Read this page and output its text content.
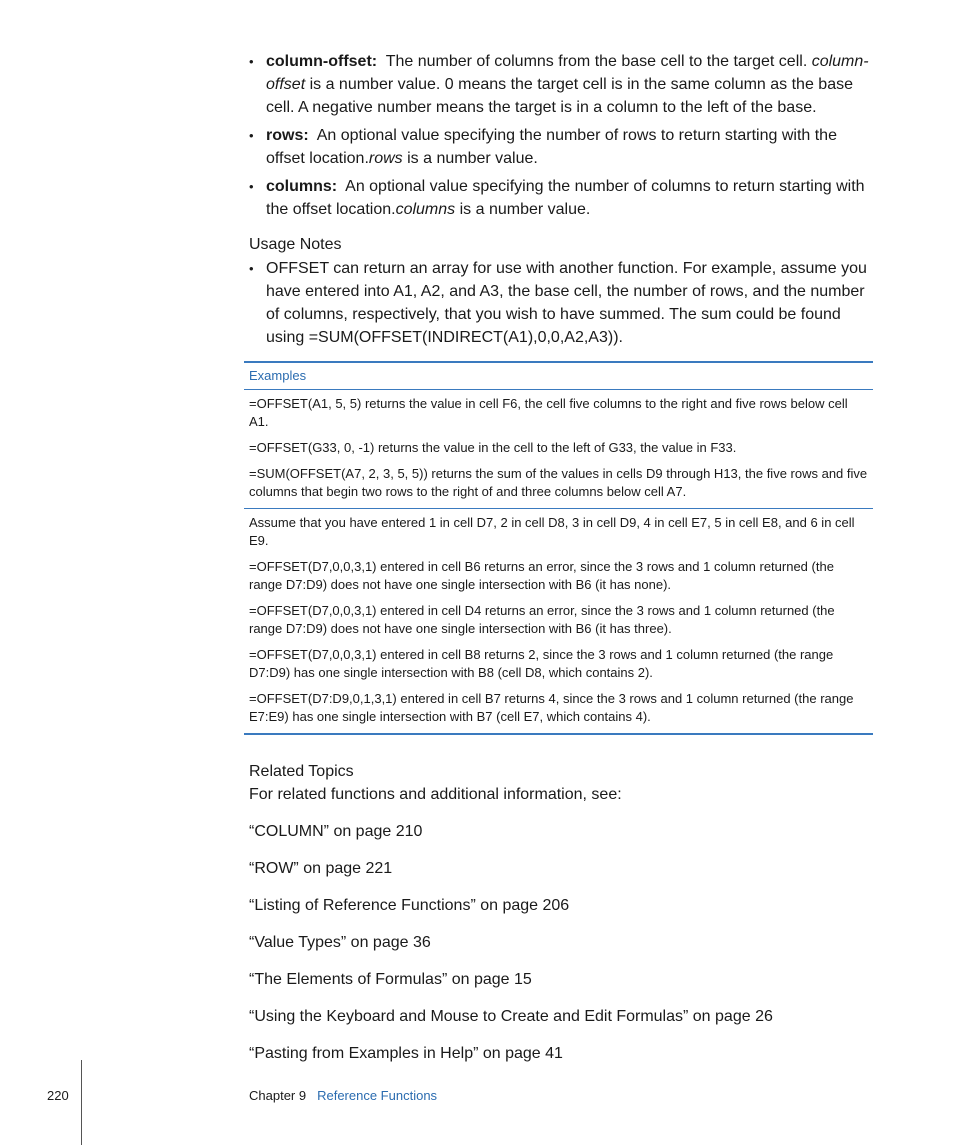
• column-offset: The number of columns from the base cell to the target cell. column-offset is a number value. 0 means the target cell is in the same column as the base cell. A negative number means the target is in a column to the left of the base.
• rows: An optional value specifying the number of rows to return starting with the offset location.rows is a number value.
• columns: An optional value specifying the number of columns to return starting with the offset location.columns is a number value.
Usage Notes
• OFFSET can return an array for use with another function. For example, assume you have entered into A1, A2, and A3, the base cell, the number of rows, and the number of columns, respectively, that you wish to have summed. The sum could be found using =SUM(OFFSET(INDIRECT(A1),0,0,A2,A3)).
Examples

=OFFSET(A1, 5, 5) returns the value in cell F6, the cell five columns to the right and five rows below cell A1.

=OFFSET(G33, 0, -1) returns the value in the cell to the left of G33, the value in F33.

=SUM(OFFSET(A7, 2, 3, 5, 5)) returns the sum of the values in cells D9 through H13, the five rows and five columns that begin two rows to the right of and three columns below cell A7.

Assume that you have entered 1 in cell D7, 2 in cell D8, 3 in cell D9, 4 in cell E7, 5 in cell E8, and 6 in cell E9.

=OFFSET(D7,0,0,3,1) entered in cell B6 returns an error, since the 3 rows and 1 column returned (the range D7:D9) does not have one single intersection with B6 (it has none).

=OFFSET(D7,0,0,3,1) entered in cell D4 returns an error, since the 3 rows and 1 column returned (the range D7:D9) does not have one single intersection with B6 (it has three).

=OFFSET(D7,0,0,3,1) entered in cell B8 returns 2, since the 3 rows and 1 column returned (the range D7:D9) has one single intersection with B8 (cell D8, which contains 2).

=OFFSET(D7:D9,0,1,3,1) entered in cell B7 returns 4, since the 3 rows and 1 column returned (the range E7:E9) has one single intersection with B7 (cell E7, which contains 4).

Related Topics

For related functions and additional information, see:

“COLUMN” on page 210
“ROW” on page 221
“Listing of Reference Functions” on page 206
“Value Types” on page 36
“The Elements of Formulas” on page 15
“Using the Keyboard and Mouse to Create and Edit Formulas” on page 26
“Pasting from Examples in Help” on page 41
220	Chapter 9 Reference Functions
